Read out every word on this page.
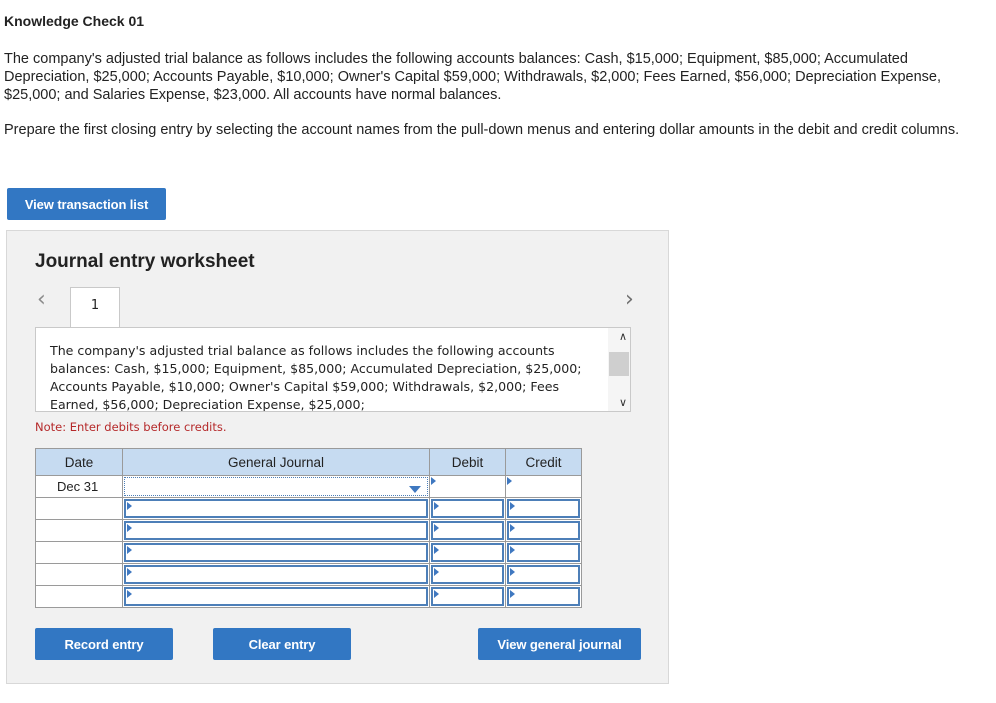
Knowledge Check 01
The company's adjusted trial balance as follows includes the following accounts balances: Cash, $15,000; Equipment, $85,000; Accumulated Depreciation, $25,000; Accounts Payable, $10,000; Owner's Capital $59,000; Withdrawals, $2,000; Fees Earned, $56,000; Depreciation Expense, $25,000; and Salaries Expense, $23,000. All accounts have normal balances.
Prepare the first closing entry by selecting the account names from the pull-down menus and entering dollar amounts in the debit and credit columns.
View transaction list
Journal entry worksheet
‹	1	›
The company's adjusted trial balance as follows includes the following accounts balances: Cash, $15,000; Equipment, $85,000; Accumulated Depreciation, $25,000; Accounts Payable, $10,000; Owner's Capital $59,000; Withdrawals, $2,000; Fees Earned, $56,000; Depreciation Expense, $25,000;
∧
∨
Note: Enter debits before credits.
Date	General Journal	Debit	Credit
Dec 31	

Record entry	Clear entry	View general journal
